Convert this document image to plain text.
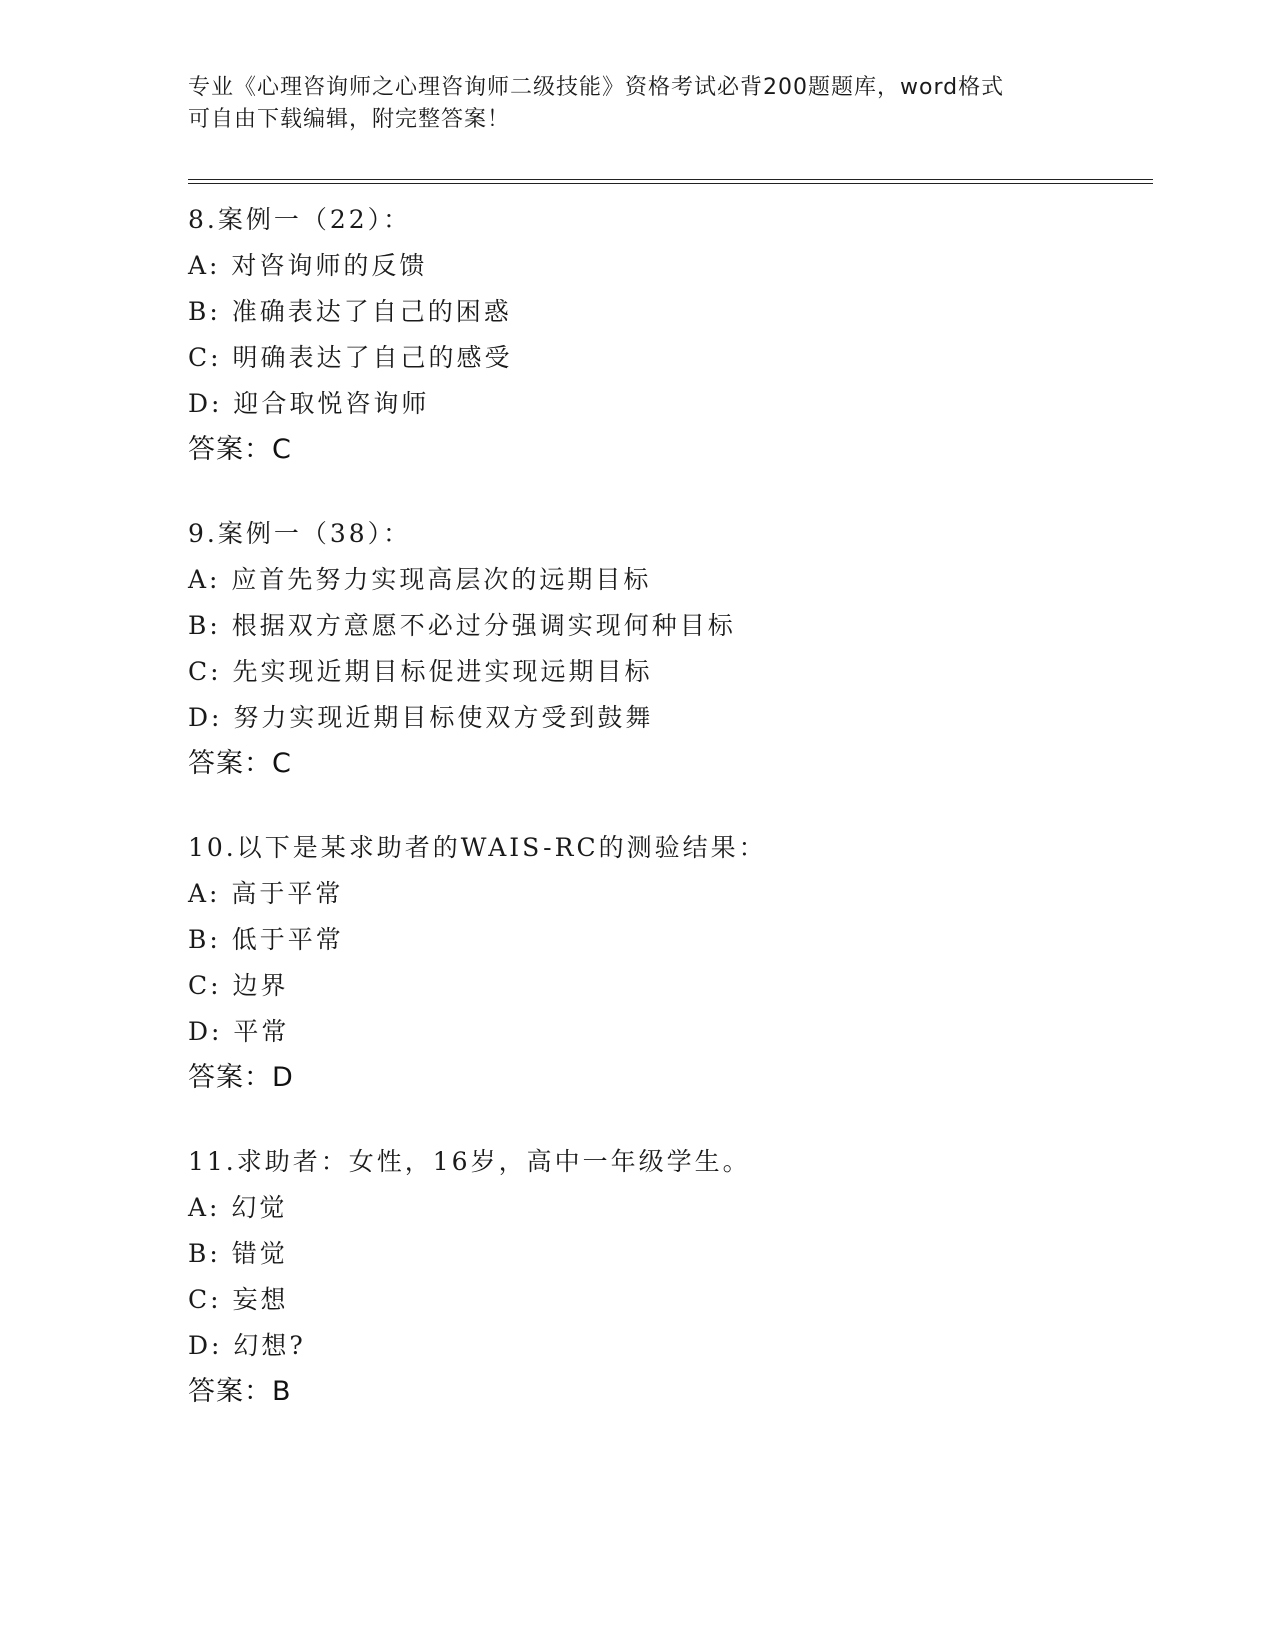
专业《心理咨询师之心理咨询师二级技能》资格考试必背200题题库，word格式
可自由下载编辑，附完整答案！
8.案例一（22）：
A: 对咨询师的反馈
B: 准确表达了自己的困惑
C: 明确表达了自己的感受
D: 迎合取悦咨询师
答案：C
9.案例一（38）：
A: 应首先努力实现高层次的远期目标
B: 根据双方意愿不必过分强调实现何种目标
C: 先实现近期目标促进实现远期目标
D: 努力实现近期目标使双方受到鼓舞
答案：C
10.以下是某求助者的WAIS-RC的测验结果：
A: 高于平常
B: 低于平常
C: 边界
D: 平常
答案：D
11.求助者：女性，16岁，高中一年级学生。
A: 幻觉
B: 错觉
C: 妄想
D: 幻想?
答案：B
